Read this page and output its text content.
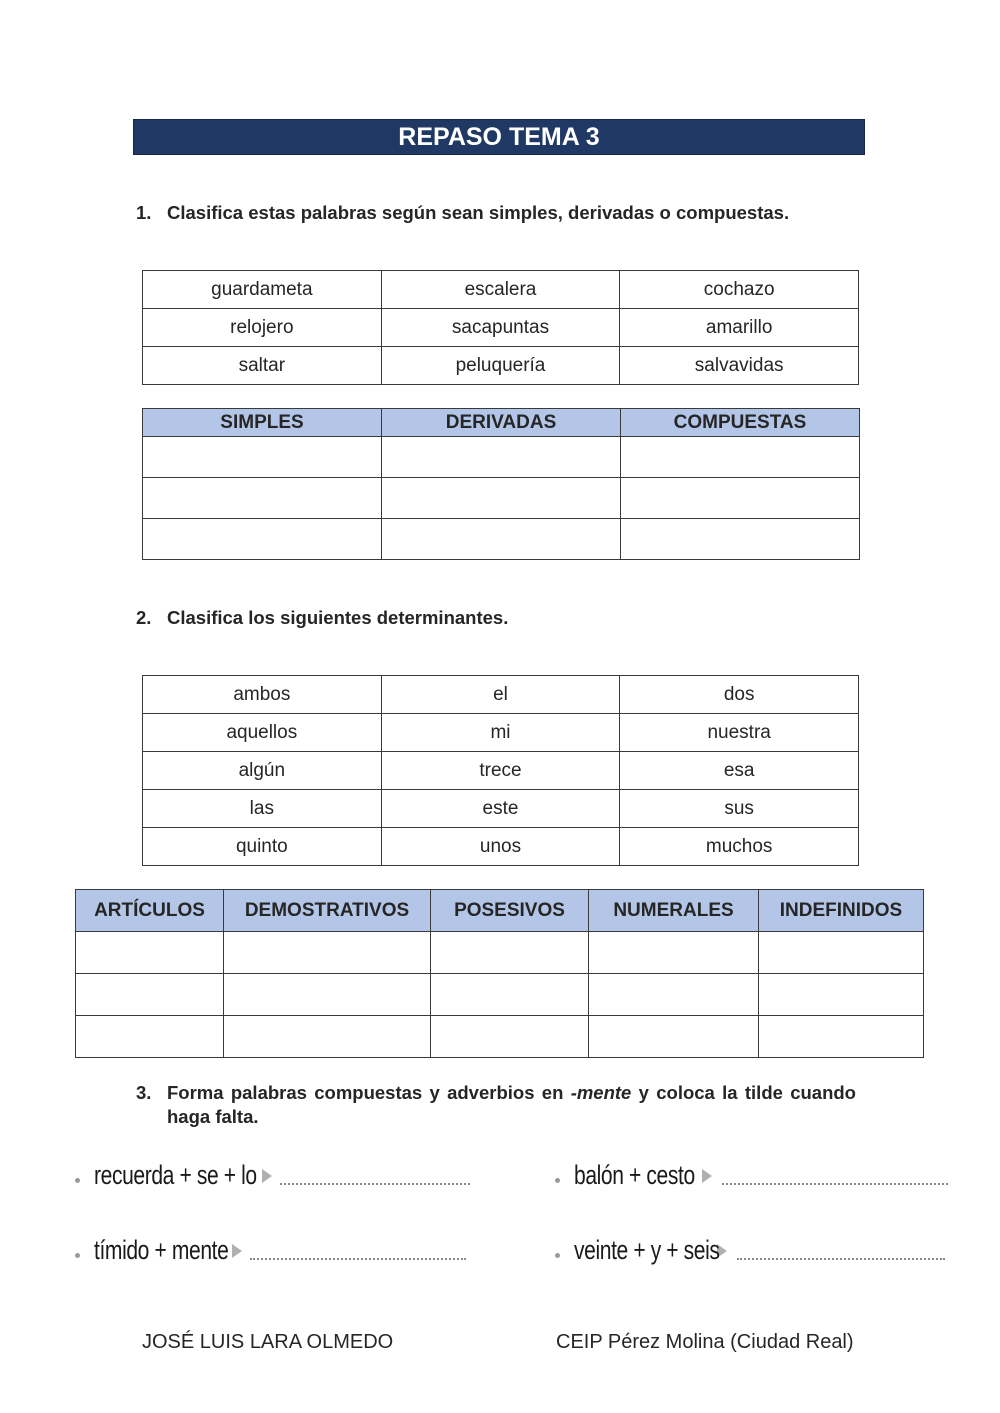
REPASO TEMA 3
1. Clasifica estas palabras según sean simples, derivadas o compuestas.
guardameta	escalera	cochazo
relojero	sacapuntas	amarillo
saltar	peluquería	salvavidas
SIMPLES	DERIVADAS	COMPUESTAS

2. Clasifica los siguientes determinantes.
ambos	el	dos
aquellos	mi	nuestra
algún	trece	esa
las	este	sus
quinto	unos	muchos
ARTÍCULOS	DEMOSTRATIVOS	POSESIVOS	NUMERALES	INDEFINIDOS

3. Forma palabras compuestas y adverbios en -mente y coloca la tilde cuando haga falta.
recuerda + se + lo	balón + cesto
tímido + mente	veinte + y + seis
JOSÉ LUIS LARA OLMEDO	CEIP Pérez Molina (Ciudad Real)
